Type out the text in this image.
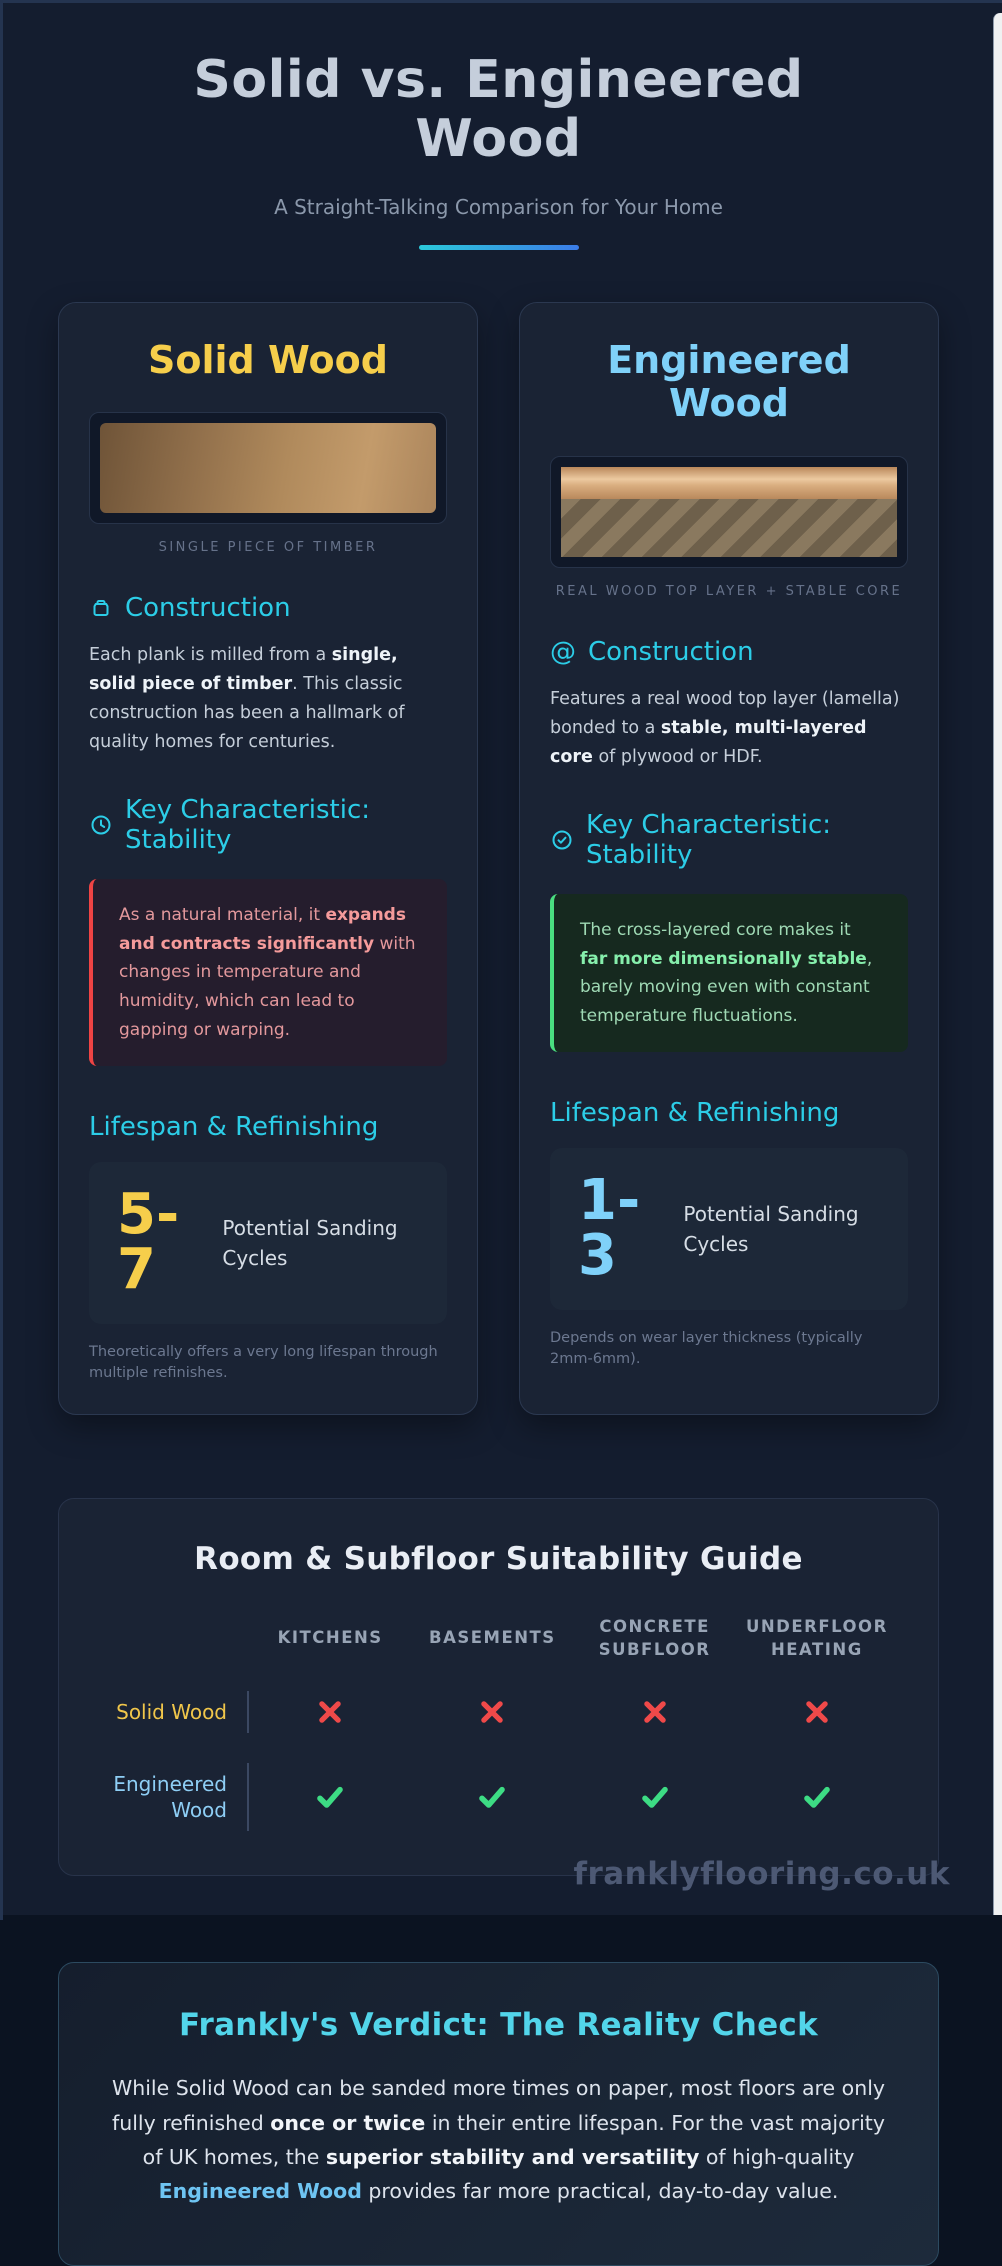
Solid vs. Engineered Wood
A Straight-Talking Comparison for Your Home
Solid Wood
SINGLE PIECE OF TIMBER
Construction
Each plank is milled from a single, solid piece of timber. This classic construction has been a hallmark of quality homes for centuries.
Key Characteristic: Stability
As a natural material, it expands and contracts significantly with changes in temperature and humidity, which can lead to gapping or warping.
Lifespan & Refinishing
5-7
Potential Sanding Cycles
Theoretically offers a very long lifespan through multiple refinishes.
Engineered Wood
REAL WOOD TOP LAYER + STABLE CORE
@ Construction
Features a real wood top layer (lamella) bonded to a stable, multi-layered core of plywood or HDF.
Key Characteristic: Stability
The cross-layered core makes it far more dimensionally stable, barely moving even with constant temperature fluctuations.
Lifespan & Refinishing
1-3
Potential Sanding Cycles
Depends on wear layer thickness (typically 2mm-6mm).
Room & Subfloor Suitability Guide
KITCHENS	BASEMENTS
CONCRETE SUBFLOOR
UNDERFLOOR HEATING
Solid Wood
Engineered Wood
Frankly's Verdict: The Reality Check
While Solid Wood can be sanded more times on paper, most floors are only fully refinished once or twice in their entire lifespan. For the vast majority of UK homes, the superior stability and versatility of high-quality Engineered Wood provides far more practical, day-to-day value.
franklyflooring.co.uk
